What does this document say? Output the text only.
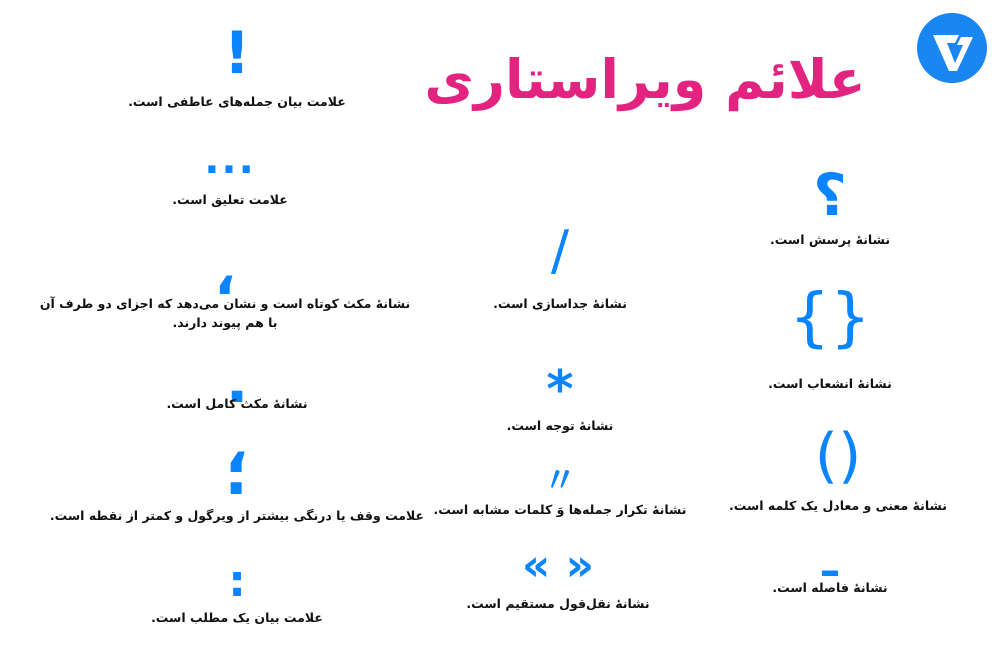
علائم ویراستاری
!
علامت بیان جمله‌های عاطفی است.
...
علامت تعلیق است.
،
نشانهٔ مکث کوتاه است و نشان می‌دهد که اجزای دو طرف آن با هم پیوند دارند.
.
نشانهٔ مکث کامل است.
؛
علامت وقف یا درنگی بیشتر از ویرگول و کمتر از نقطه است.
:
علامت بیان یک مطلب است.
/
نشانهٔ جداسازی است.
*
نشانهٔ توجه است.
〃
نشانهٔ تکرار جمله‌ها وَ کلمات مشابه است.
« »
نشانهٔ نقل‌قول مستقیم است.
؟
نشانهٔ پرسش است.
{}
نشانهٔ انشعاب است.
()
نشانهٔ معنی و معادل یک کلمه است.
ـ
نشانهٔ فاصله است.
